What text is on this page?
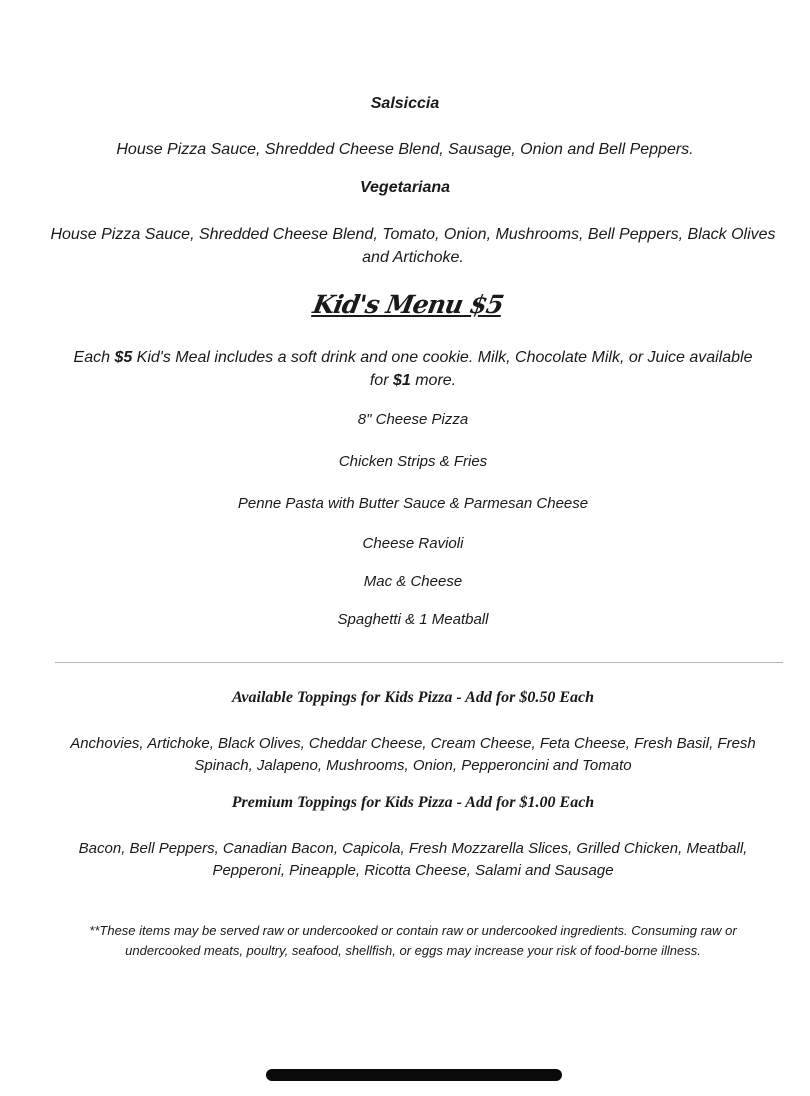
Salsiccia
House Pizza Sauce, Shredded Cheese Blend, Sausage, Onion and Bell Peppers.
Vegetariana
House Pizza Sauce, Shredded Cheese Blend, Tomato, Onion, Mushrooms, Bell Peppers, Black Olives
and Artichoke.
Kid's Menu $5
Each $5 Kid's Meal includes a soft drink and one cookie. Milk, Chocolate Milk, or Juice available
for $1 more.
8" Cheese Pizza
Chicken Strips & Fries
Penne Pasta with Butter Sauce & Parmesan Cheese
Cheese Ravioli
Mac & Cheese
Spaghetti & 1 Meatball
Available Toppings for Kids Pizza - Add for $0.50 Each
Anchovies, Artichoke, Black Olives, Cheddar Cheese, Cream Cheese, Feta Cheese, Fresh Basil, Fresh
Spinach, Jalapeno, Mushrooms, Onion, Pepperoncini and Tomato
Premium Toppings for Kids Pizza - Add for $1.00 Each
Bacon, Bell Peppers, Canadian Bacon, Capicola, Fresh Mozzarella Slices, Grilled Chicken, Meatball,
Pepperoni, Pineapple, Ricotta Cheese, Salami and Sausage
**These items may be served raw or undercooked or contain raw or undercooked ingredients. Consuming raw or
undercooked meats, poultry, seafood, shellfish, or eggs may increase your risk of food-borne illness.
